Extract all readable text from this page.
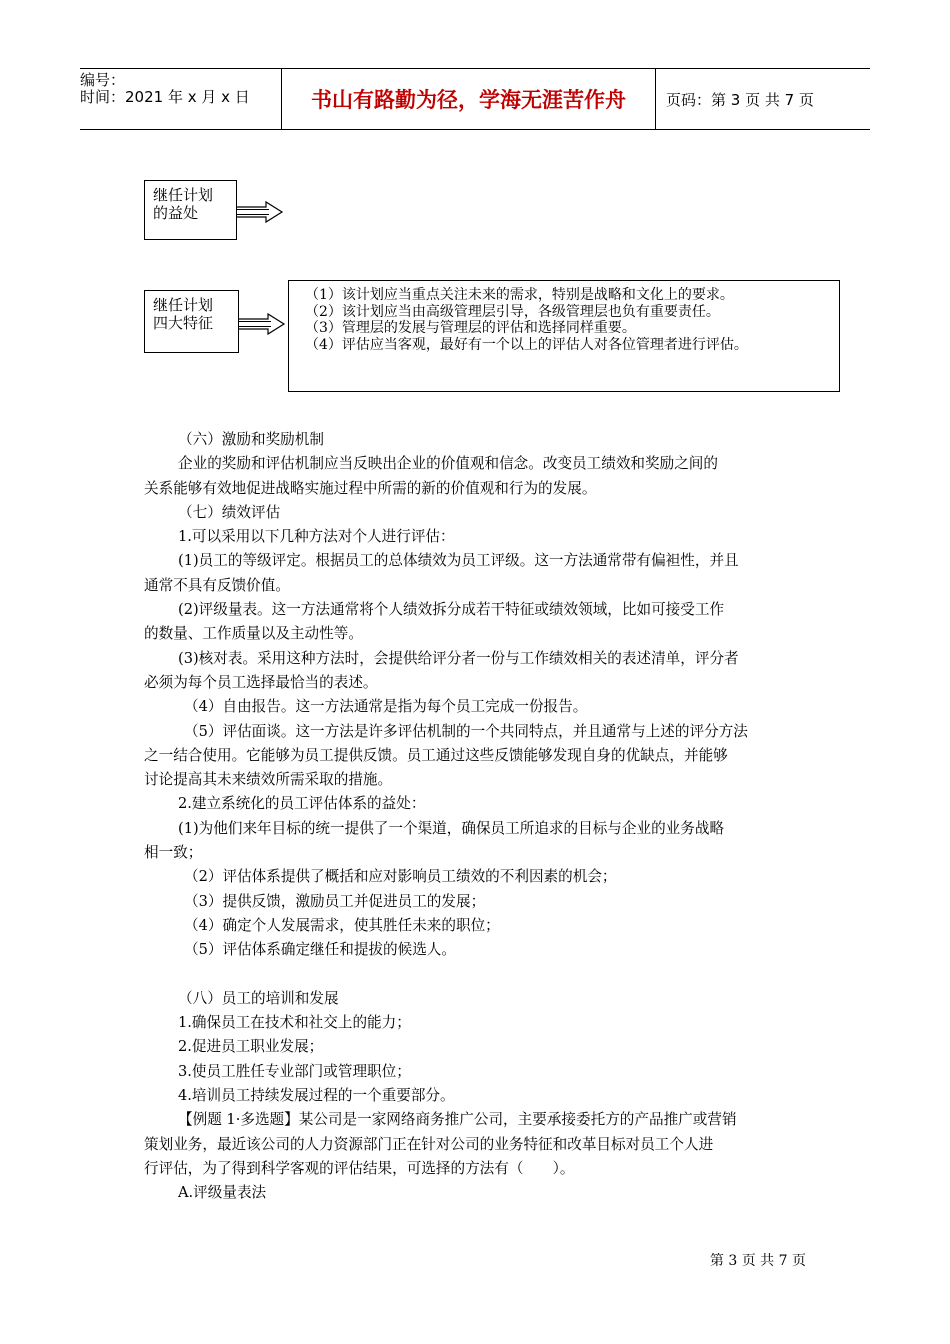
编号：
时间：2021 年 x 月 x 日	书山有路勤为径，学海无涯苦作舟	页码：第 3 页 共 7 页
继任计划
的益处
继任计划
四大特征
（1）该计划应当重点关注未来的需求，特别是战略和文化上的要求。
（2）该计划应当由高级管理层引导，各级管理层也负有重要责任。
（3）管理层的发展与管理层的评估和选择同样重要。
（4）评估应当客观，最好有一个以上的评估人对各位管理者进行评估。

（六）激励和奖励机制

企业的奖励和评估机制应当反映出企业的价值观和信念。改变员工绩效和奖励之间的

关系能够有效地促进战略实施过程中所需的新的价值观和行为的发展。

（七）绩效评估

1.可以采用以下几种方法对个人进行评估：

(1)员工的等级评定。根据员工的总体绩效为员工评级。这一方法通常带有偏袒性，并且

通常不具有反馈价值。

(2)评级量表。这一方法通常将个人绩效拆分成若干特征或绩效领域，比如可接受工作

的数量、工作质量以及主动性等。

(3)核对表。采用这种方法时，会提供给评分者一份与工作绩效相关的表述清单，评分者

必须为每个员工选择最恰当的表述。

（4）自由报告。这一方法通常是指为每个员工完成一份报告。

（5）评估面谈。这一方法是许多评估机制的一个共同特点，并且通常与上述的评分方法

之一结合使用。它能够为员工提供反馈。员工通过这些反馈能够发现自身的优缺点，并能够

讨论提高其未来绩效所需采取的措施。

2.建立系统化的员工评估体系的益处：

(1)为他们来年目标的统一提供了一个渠道，确保员工所追求的目标与企业的业务战略

相一致；

（2）评估体系提供了概括和应对影响员工绩效的不利因素的机会；

（3）提供反馈，激励员工并促进员工的发展；

（4）确定个人发展需求，使其胜任未来的职位；

（5）评估体系确定继任和提拔的候选人。

（八）员工的培训和发展

1.确保员工在技术和社交上的能力；

2.促进员工职业发展；

3.使员工胜任专业部门或管理职位；

4.培训员工持续发展过程的一个重要部分。

【例题 1·多选题】某公司是一家网络商务推广公司，主要承接委托方的产品推广或营销

策划业务，最近该公司的人力资源部门正在针对公司的业务特征和改革目标对员工个人进

行评估，为了得到科学客观的评估结果，可选择的方法有（　　）。

A.评级量表法

第 3 页 共 7 页
